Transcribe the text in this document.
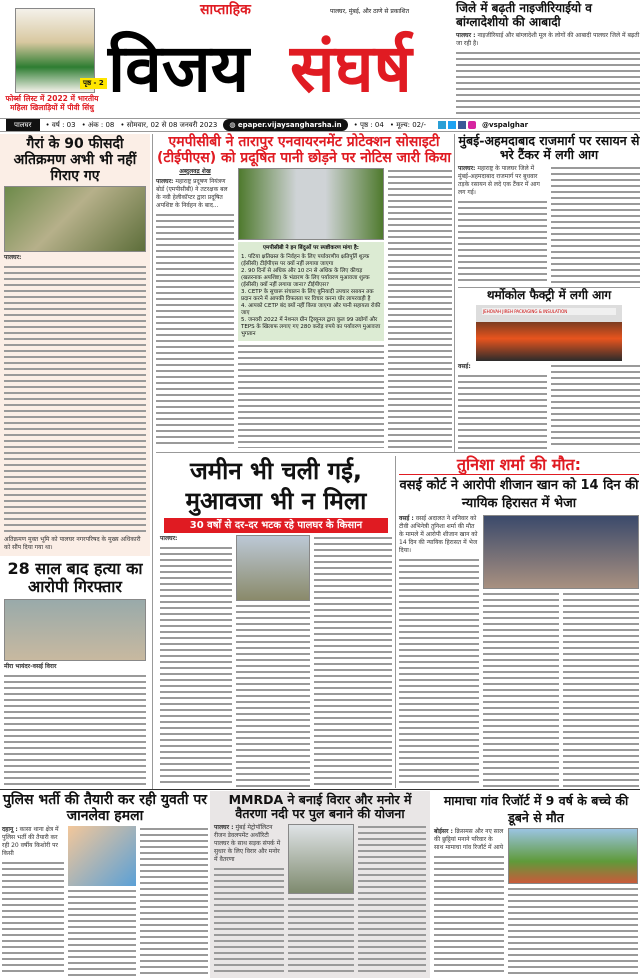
पृष्ठ - 2
फोर्ब्स लिस्ट में 2022 में भारतीय महिला खिलाड़ियों में पीवी सिंधु
साप्ताहिक	पालघर, मुंबई, और ठाणे से प्रकाशित
विजय संघर्ष
जिले में बढ़ती नाइजीरियाईयो व बांग्लादेशीयो की आबादी
पालघर : नाइजीरियाई और बांग्लादेशी मूल के लोगों की आबादी पालघर जिले में बढ़ती जा रही है।
पालघर	• वर्ष : 03 • अंक : 08 • सोमवार, 02 से 08 जनवरी 2023	◍ epaper.vijaysangharsha.in	• पृष्ठ : 04 • मूल्य: 02/-	@vspalghar
गैरां के 90 फीसदी अतिक्रमण अभी भी नहीं गिराए गए
पालघर:
अतिक्रमण मुक्त भूमि को पालघर नगरपरिषद के मुख्य अधिकारी को सौंप दिया गया था।
28 साल बाद हत्या का आरोपी गिरफ्तार
मीरा भायंदर-वसई विरार
एमपीसीबी ने तारापुर एनवायरनमेंट प्रोटेक्शन सोसाइटी (टीईपीएस) को प्रदूषित पानी छोड़ने पर नोटिस जारी किया
अब्दुलवद्र शेख
पालघर: महाराष्ट्र प्रदूषण नियंत्रण बोर्ड (एमपीसीबी) ने तटरक्षक बल के नवी हेलीकॉप्टर द्वारा प्रदूषित अपशिष्ट के निर्वहन के बाद...
एमपीसीबी ने इन बिंदुओं पर स्पष्टीकरण मांगा है:
1. पटिया क्षतिग्रस्त के निर्वहन के लिए पर्यावरणीय क्षतिपूर्ति शुल्क (ईसीसी) टीईपीएस पर क्यों नहीं लगाया जाएगा
2. 90 दिनों से अधिक और 10 टन से अधिक के लिए कीचड़ (खतरनाक अपशिष्ट) के भंडारण के लिए पर्यावरण मुआवजा शुल्क (ईसीसी) क्यों नहीं लगाया जाना? टीईपीएस?
3. CETP के सुचारू संचालन के लिए बुनियादी उपचार रसायन तक प्रदान करने में आपकी विफलता पर विचार करना घोर लापरवाही है
4. आपको CETP बंद क्यों नहीं किया जाएगा और पानी सहायता रोकी जाए
5. जनवरी 2022 में नेशनल ग्रीन ट्रिब्यूनल द्वारा कुल 99 उद्योगों और TEPS के खिलाफ लगाए गए 280 करोड़ रुपये का पर्यावरण मुआवजा भुगतान
मुंबई-अहमदाबाद राजमार्ग पर रसायन से भरे टैंकर में लगी आग
पालघर: महाराष्ट्र के पालघर जिले में मुंबई-अहमदाबाद राजमार्ग पर बुधवार तड़के रसायन से लदे एक टैंकर में आग लग गई।
थर्मोकोल फैक्ट्री में लगी आग
JEHOVAH JIREH PACKAGING & INSULATION
वसई:
जमीन भी चली गई, मुआवजा भी न मिला
30 वर्षों से दर-दर भटक रहे पालघर के किसान
पालघर:
तुनिशा शर्मा की मौत:
वसई कोर्ट ने आरोपी शीजान खान को 14 दिन की न्यायिक हिरासत में भेजा
वसई : वसई अदालत ने शनिवार को टीवी अभिनेत्री तुनिशा शर्मा की मौत के मामले में आरोपी शीजान खान को 14 दिन की न्यायिक हिरासत में भेज दिया।
पुलिस भर्ती की तैयारी कर रही युवती पर जानलेवा हमला
दहानू : कासा थाना क्षेत्र में पुलिस भर्ती की तैयारी कर रही 20 वर्षीय किशोरी पर किसी
MMRDA ने बनाई विरार और मनोर में वैतरणा नदी पर पुल बनाने की योजना
पालघर : मुंबई मेट्रोपॉलिटन रीजन डेवलपमेंट अथॉरिटी पालघर के साथ सड़क संपर्क में सुधार के लिए विरार और मनोर में वैतरणा
मामाचा गांव रिजॉर्ट में 9 वर्ष के बच्चे की डूबने से मौत
बोईसर : क्रिसमस और नए साल की छुट्टियां मनाने परिवार के साथ मामाचा गांव रिजॉर्ट में आये
